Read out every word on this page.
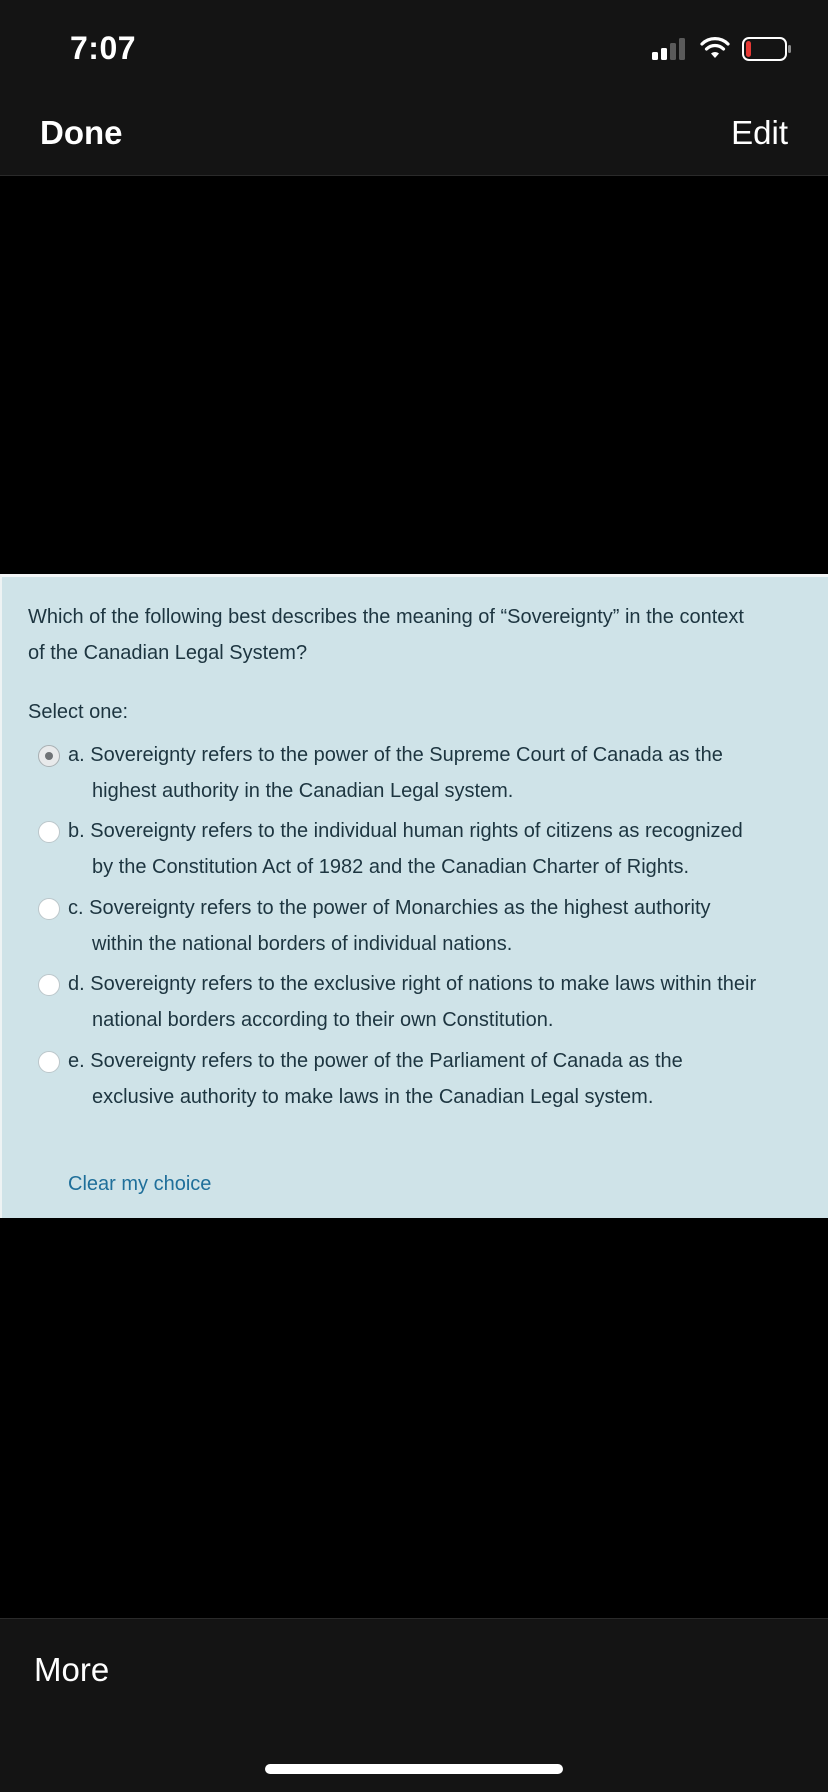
7:07
Done	Edit
Which of the following best describes the meaning of “Sovereignty” in the context
of the Canadian Legal System?
Select one:
a. Sovereignty refers to the power of the Supreme Court of Canada as the
highest authority in the Canadian Legal system.
b. Sovereignty refers to the individual human rights of citizens as recognized
by the Constitution Act of 1982 and the Canadian Charter of Rights.
c. Sovereignty refers to the power of Monarchies as the highest authority
within the national borders of individual nations.
d. Sovereignty refers to the exclusive right of nations to make laws within their
national borders according to their own Constitution.
e. Sovereignty refers to the power of the Parliament of Canada as the
exclusive authority to make laws in the Canadian Legal system.
Clear my choice
More
